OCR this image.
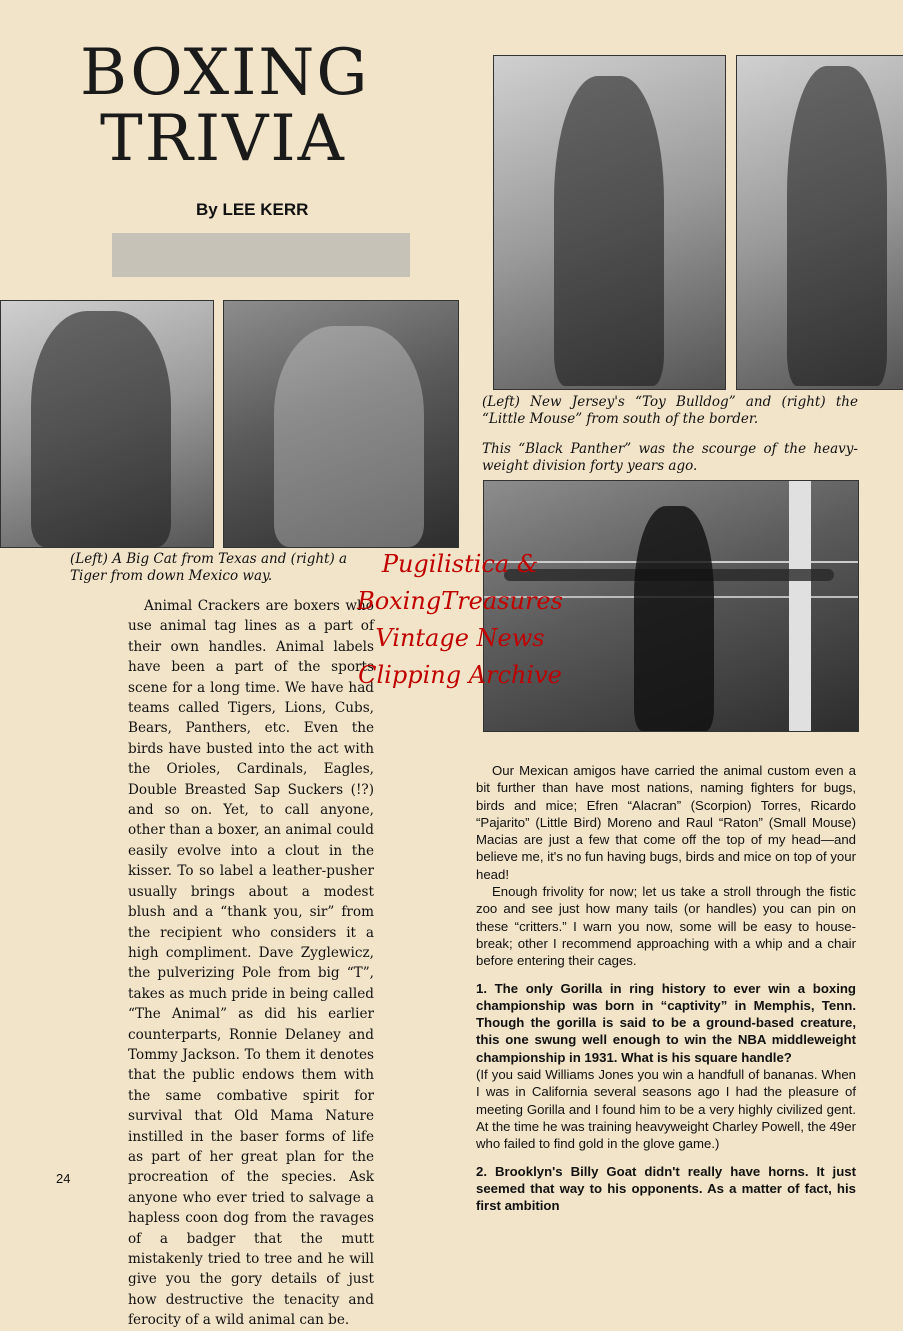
BOXING
TRIVIA
By LEE KERR
(Left) New Jersey's “Toy Bulldog” and (right) the “Little Mouse” from south of the border.
This “Black Panther” was the scourge of the heavy-weight division forty years ago.
(Left) A Big Cat from Texas and (right) a Tiger from down Mexico way.
Animal Crackers are boxers who use animal tag lines as a part of their own handles. Animal labels have been a part of the sports scene for a long time. We have had teams called Tigers, Lions, Cubs, Bears, Panthers, etc. Even the birds have busted into the act with the Orioles, Cardinals, Eagles, Double Breasted Sap Suckers (!?) and so on. Yet, to call anyone, other than a boxer, an animal could easily evolve into a clout in the kisser. To so label a leather-pusher usually brings about a modest blush and a “thank you, sir” from the recipient who considers it a high compliment. Dave Zyglewicz, the pulverizing Pole from big “T”, takes as much pride in being called “The Animal” as did his earlier counterparts, Ronnie Delaney and Tommy Jackson. To them it denotes that the public endows them with the same combative spirit for survival that Old Mama Nature instilled in the baser forms of life as part of her great plan for the procreation of the species. Ask anyone who ever tried to salvage a hapless coon dog from the ravages of a badger that the mutt mistakenly tried to tree and he will give you the gory details of just how destructive the tenacity and ferocity of a wild animal can be.

Our Mexican amigos have carried the animal custom even a bit further than have most nations, naming fighters for bugs, birds and mice; Efren “Alacran” (Scorpion) Torres, Ricardo “Pajarito” (Little Bird) Moreno and Raul “Raton” (Small Mouse) Macias are just a few that come off the top of my head—and believe me, it's no fun having bugs, birds and mice on top of your head!

Enough frivolity for now; let us take a stroll through the fistic zoo and see just how many tails (or handles) you can pin on these “critters.” I warn you now, some will be easy to house-break; other I recommend approaching with a whip and a chair before entering their cages.

1. The only Gorilla in ring history to ever win a boxing championship was born in “captivity” in Memphis, Tenn. Though the gorilla is said to be a ground-based creature, this one swung well enough to win the NBA middleweight championship in 1931. What is his square handle?

(If you said Williams Jones you win a handfull of bananas. When I was in California several seasons ago I had the pleasure of meeting Gorilla and I found him to be a very highly civilized gent. At the time he was training heavyweight Charley Powell, the 49er who failed to find gold in the glove game.)

2. Brooklyn's Billy Goat didn't really have horns. It just seemed that way to his opponents. As a matter of fact, his first ambition

24
Pugilistica &
BoxingTreasures
Vintage News
Clipping Archive
